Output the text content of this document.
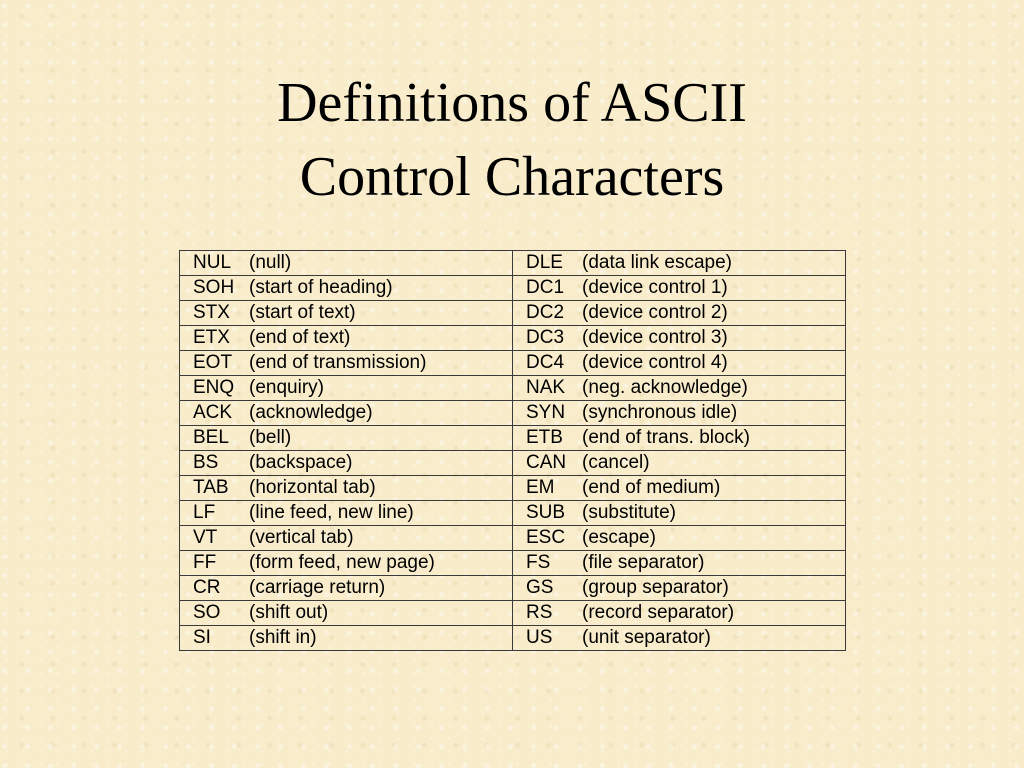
Definitions of ASCII
Control Characters
NUL (null)	DLE (data link escape)
SOH (start of heading)	DC1 (device control 1)
STX (start of text)	DC2 (device control 2)
ETX (end of text)	DC3 (device control 3)
EOT (end of transmission)	DC4 (device control 4)
ENQ (enquiry)	NAK (neg. acknowledge)
ACK (acknowledge)	SYN (synchronous idle)
BEL (bell)	ETB (end of trans. block)
BS (backspace)	CAN (cancel)
TAB (horizontal tab)	EM (end of medium)
LF (line feed, new line)	SUB (substitute)
VT (vertical tab)	ESC (escape)
FF (form feed, new page)	FS (file separator)
CR (carriage return)	GS (group separator)
SO (shift out)	RS (record separator)
SI (shift in)	US (unit separator)
